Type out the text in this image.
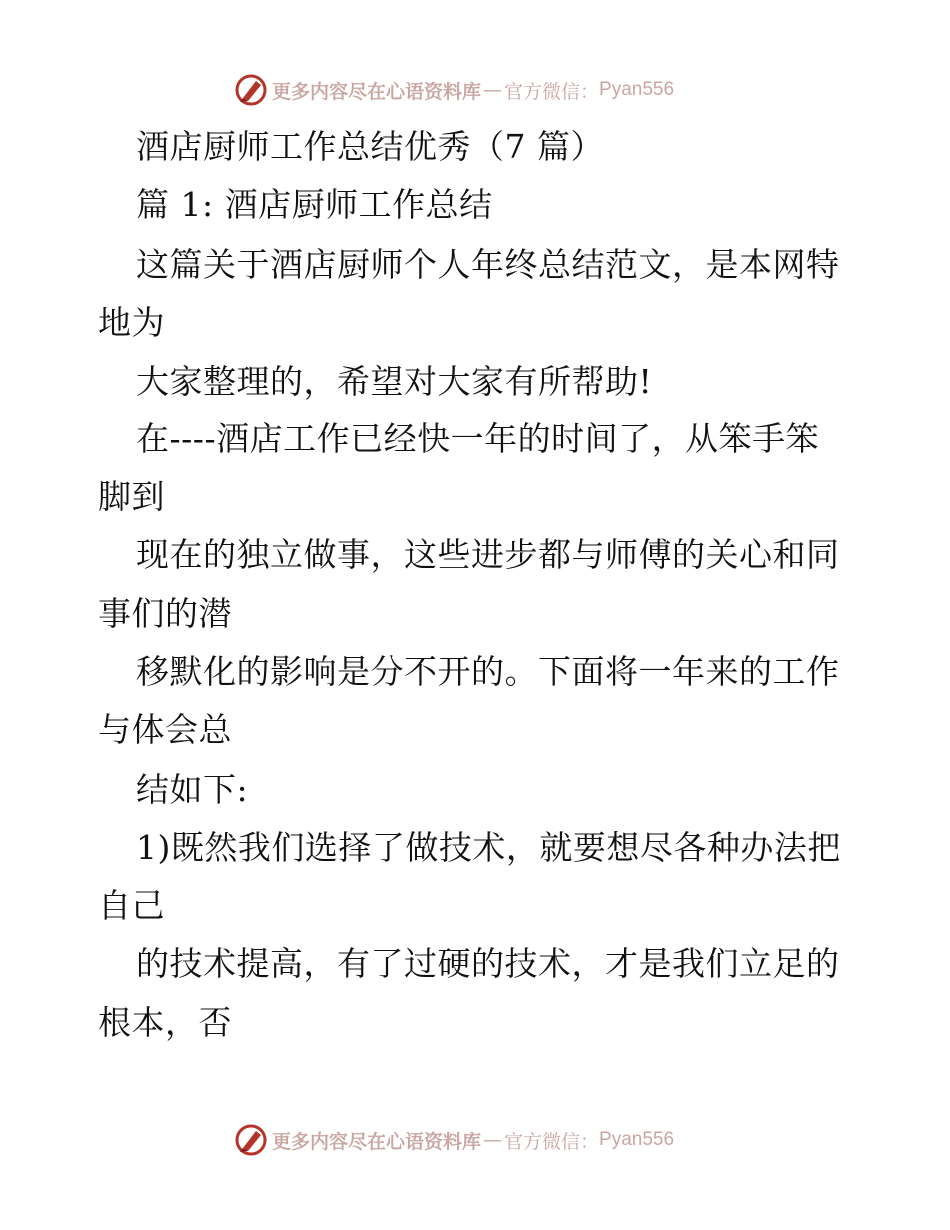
更多内容尽在心语资料库 — 官方微信： Pyan556
酒店厨师工作总结优秀（7 篇）
篇 1: 酒店厨师工作总结
这篇关于酒店厨师个人年终总结范文，是本网特
地为
大家整理的，希望对大家有所帮助!
在----酒店工作已经快一年的时间了，从笨手笨
脚到
现在的独立做事，这些进步都与师傅的关心和同
事们的潜
移默化的影响是分不开的。下面将一年来的工作
与体会总
结如下:
1)既然我们选择了做技术，就要想尽各种办法把
自己
的技术提高，有了过硬的技术，才是我们立足的
根本，否
更多内容尽在心语资料库 — 官方微信： Pyan556
